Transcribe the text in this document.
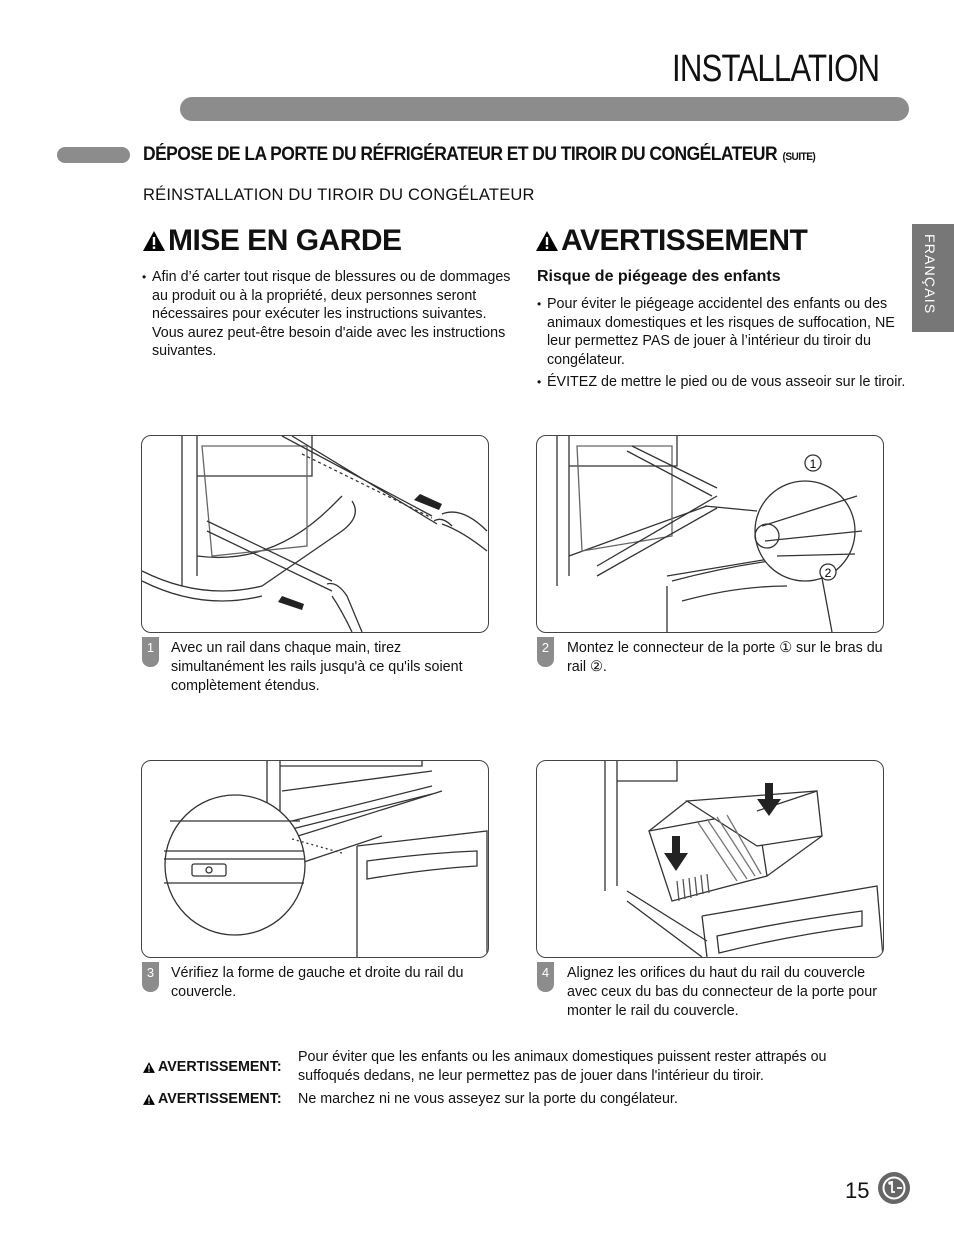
INSTALLATION
DÉPOSE DE LA PORTE DU RÉFRIGÉRATEUR ET DU TIROIR DU CONGÉLATEUR (SUITE)
RÉINSTALLATION DU TIROIR DU CONGÉLATEUR
FRANÇAIS
MISE EN GARDE
• Afin d’é carter tout risque de blessures ou de dommages au produit ou à la propriété, deux personnes seront nécessaires pour exécuter les instructions suivantes. Vous aurez peut-être besoin d'aide avec les instructions suivantes.
AVERTISSEMENT
Risque de piégeage des enfants
• Pour éviter le piégeage accidentel des enfants ou des animaux domestiques et les risques de suffocation, NE leur permettez PAS de jouer à l’intérieur du tiroir du congélateur.
• ÉVITEZ de mettre le pied ou de vous asseoir sur le tiroir.
1	Avec un rail dans chaque main, tirez simultanément les rails jusqu'à ce qu'ils soient complètement étendus.
1
2
2	Montez le connecteur de la porte ① sur le bras du rail ②.
3	Vérifiez la forme de gauche et droite du rail du couvercle.
4	Alignez les orifices du haut du rail du couvercle avec ceux du bas du connecteur de la porte pour monter le rail du couvercle.
AVERTISSEMENT:
Pour éviter que les enfants ou les animaux domestiques puissent rester attrapés ou suffoqués dedans, ne leur permettez pas de jouer dans l'intérieur du tiroir.
AVERTISSEMENT: Ne marchez ni ne vous asseyez sur la porte du congélateur.
15
